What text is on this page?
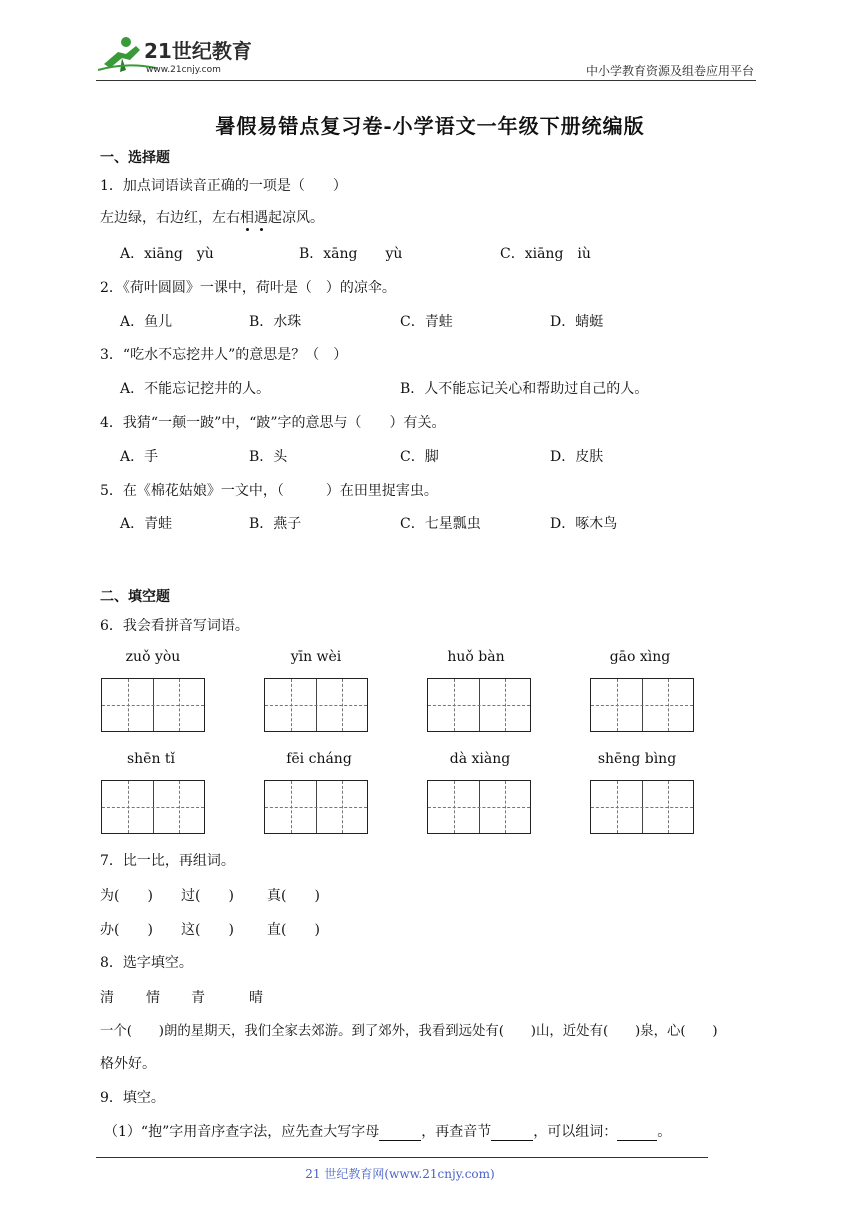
21世纪教育
www.21cnjy.com	中小学教育资源及组卷应用平台
暑假易错点复习卷-小学语文一年级下册统编版
一、选择题
1．加点词语读音正确的一项是（　　）
左边绿，右边红，左右相遇起凉风。
A．xiāng　yù	B．xāng　　yù	C．xiāng　iù
2．《荷叶圆圆》一课中，荷叶是（　）的凉伞。
A．鱼儿	B．水珠	C．青蛙	D．蜻蜓
3．“吃水不忘挖井人”的意思是？（　）
A．不能忘记挖井的人。	B．人不能忘记关心和帮助过自己的人。
4．我猜“一颠一跛”中，“跛”字的意思与（　　）有关。
A．手	B．头	C．脚	D．皮肤
5．在《棉花姑娘》一文中，（　　　）在田里捉害虫。
A．青蛙	B．燕子	C．七星瓢虫	D．啄木鸟
二、填空题
6．我会看拼音写词语。
zuǒ yòu	yīn wèi	huǒ bàn	gāo xìng
shēn tǐ	fēi cháng	dà xiàng	shēng bìng
7．比一比，再组词。
为(　　) 过(　　) 真(　　)
办(　　) 这(　　) 直(　　)
8．选字填空。
清 情 青	晴
一个(　　)朗的星期天，我们全家去郊游。到了郊外，我看到远处有(　　)山，近处有(　　)泉，心(　　)
格外好。
9．填空。
（1）“抱”字用音序查字法，应先查大写字母	，再查音节	，可以组词：	。
21 世纪教育网(www.21cnjy.com)
